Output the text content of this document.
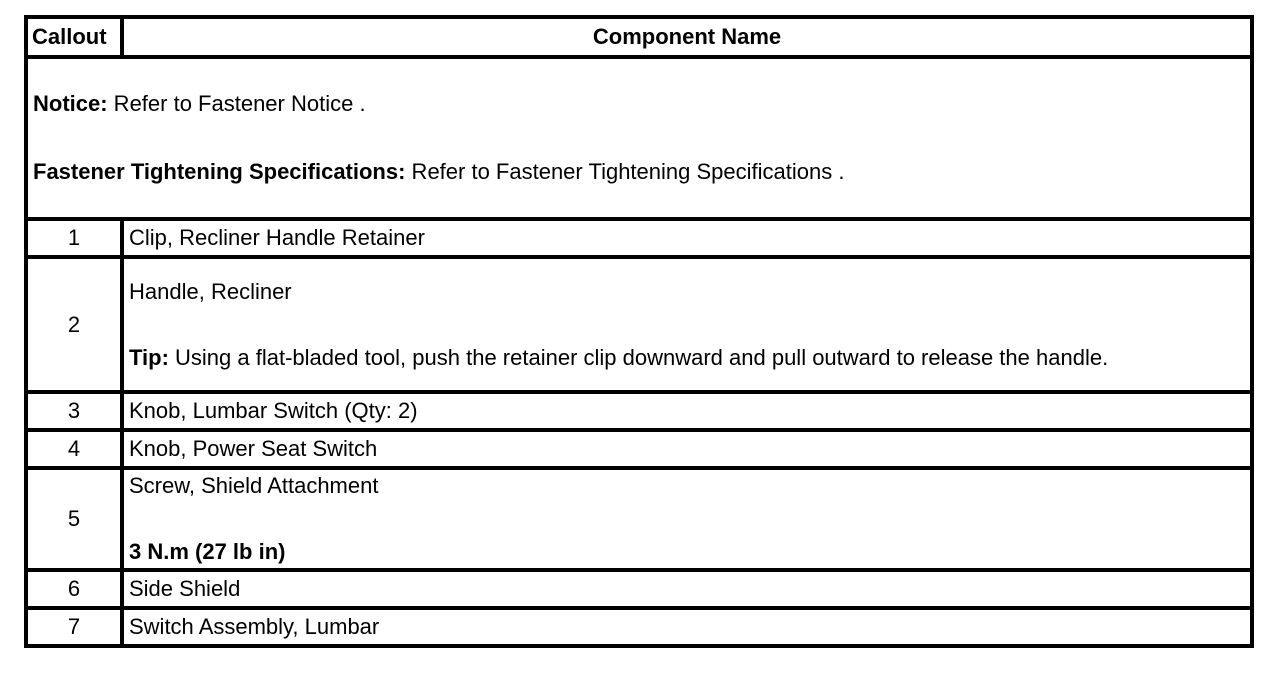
Callout	Component Name

Notice: Refer to Fastener Notice .

Fastener Tightening Specifications: Refer to Fastener Tightening Specifications .	

1	Clip, Recliner Handle Retainer
2	Handle, Recliner

Tip: Using a flat-bladed tool, push the retainer clip downward and pull outward to release the handle.

3	Knob, Lumbar Switch (Qty: 2)
4	Knob, Power Seat Switch
5	Screw, Shield Attachment

3 N.m (27 lb in)

6	Side Shield
7	Switch Assembly, Lumbar
